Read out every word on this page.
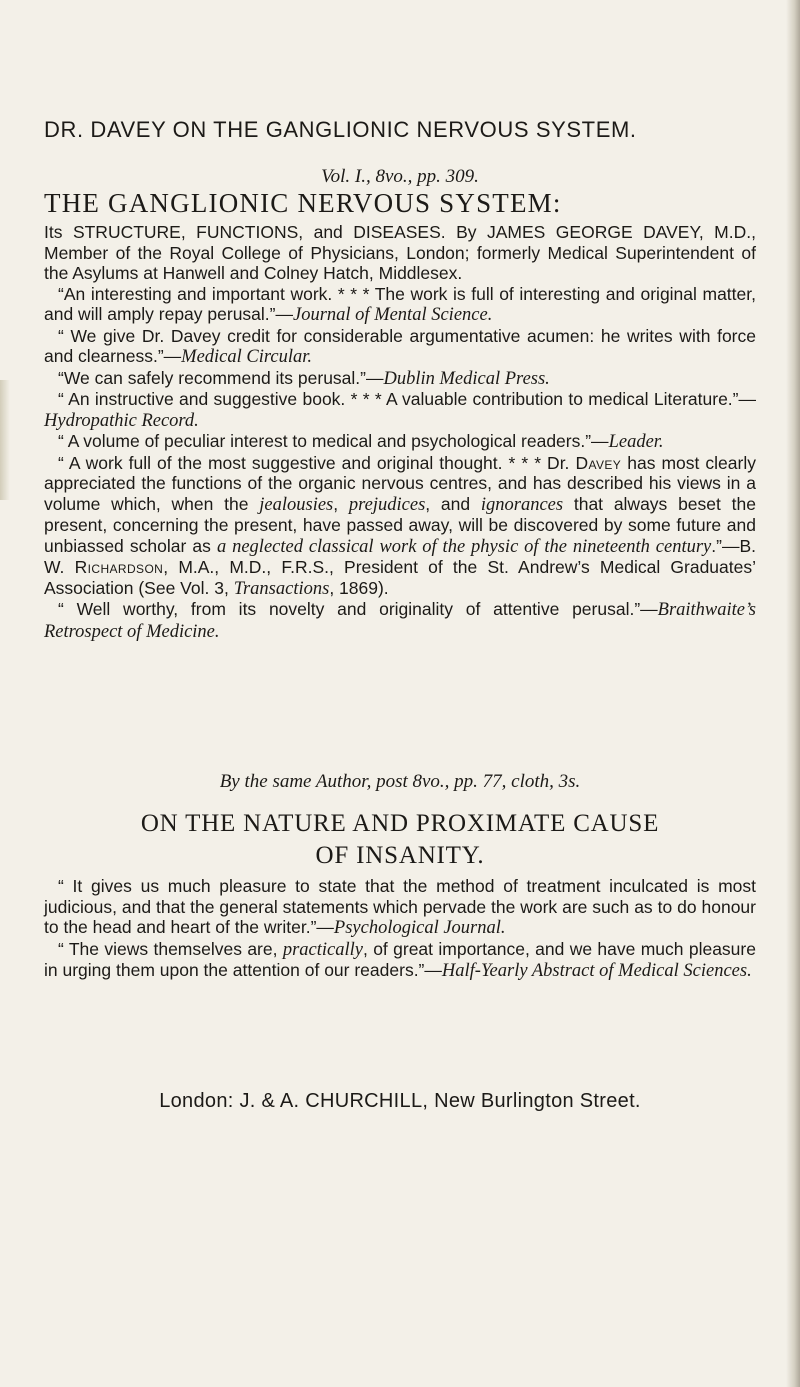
DR. DAVEY ON THE GANGLIONIC NERVOUS SYSTEM.
Vol. I., 8vo., pp. 309.
THE GANGLIONIC NERVOUS SYSTEM:

Its STRUCTURE, FUNCTIONS, and DISEASES. By JAMES GEORGE DAVEY, M.D., Member of the Royal College of Physicians, London; formerly Medical Superintendent of the Asylums at Hanwell and Colney Hatch, Middlesex.

“An interesting and important work. * * * The work is full of interesting and original matter, and will amply repay perusal.”—Journal of Mental Science.

“ We give Dr. Davey credit for considerable argumentative acumen: he writes with force and clearness.”—Medical Circular.

“We can safely recommend its perusal.”—Dublin Medical Press.

“ An instructive and suggestive book. * * * A valuable contribution to medical Literature.”—Hydropathic Record.

“ A volume of peculiar interest to medical and psychological readers.”—Leader.

“ A work full of the most suggestive and original thought. * * * Dr. Davey has most clearly appreciated the functions of the organic nervous centres, and has described his views in a volume which, when the jealousies, prejudices, and ignorances that always beset the present, concerning the present, have passed away, will be discovered by some future and unbiassed scholar as a neglected classical work of the physic of the nineteenth century.”—B. W. Richardson, M.A., M.D., F.R.S., President of the St. Andrew’s Medical Graduates’ Association (See Vol. 3, Transactions, 1869).

“ Well worthy, from its novelty and originality of attentive perusal.”—Braithwaite’s Retrospect of Medicine.

By the same Author, post 8vo., pp. 77, cloth, 3s.
ON THE NATURE AND PROXIMATE CAUSE
OF INSANITY.

“ It gives us much pleasure to state that the method of treatment inculcated is most judicious, and that the general statements which pervade the work are such as to do honour to the head and heart of the writer.”—Psychological Journal.

“ The views themselves are, practically, of great importance, and we have much pleasure in urging them upon the attention of our readers.”—Half-Yearly Abstract of Medical Sciences.

London: J. & A. CHURCHILL, New Burlington Street.
